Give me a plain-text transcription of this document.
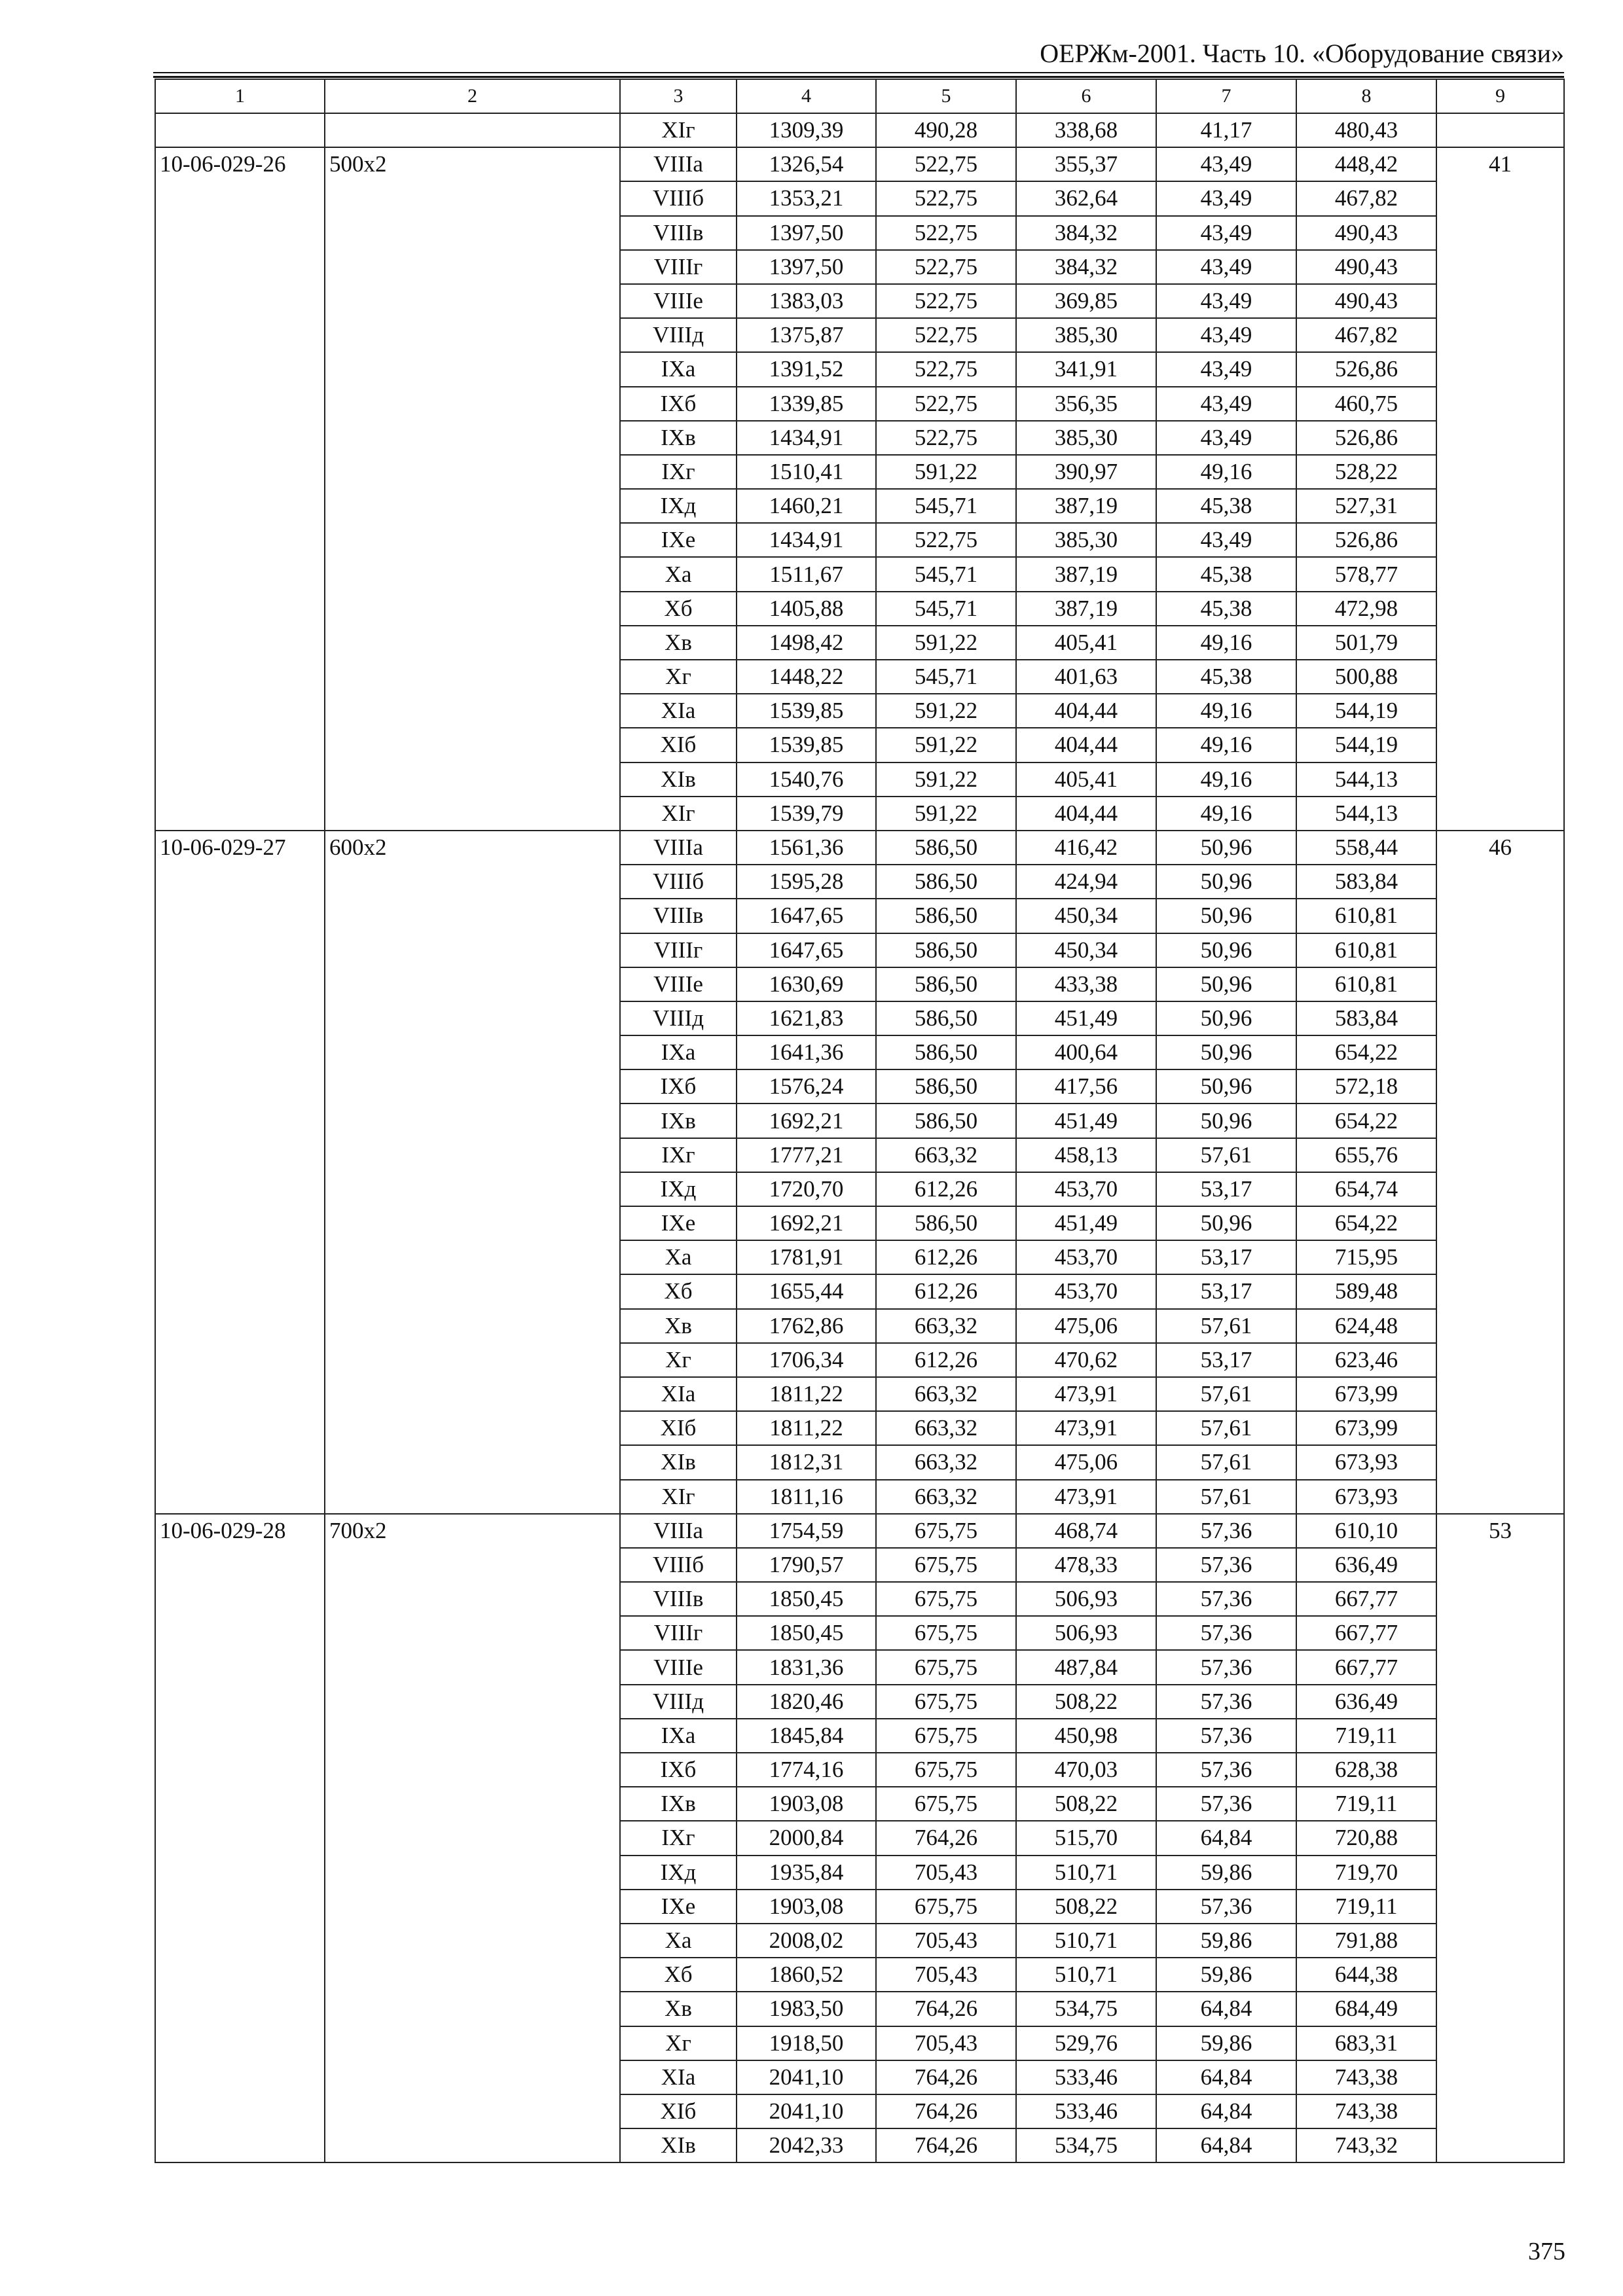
ОЕРЖм-2001. Часть 10. «Оборудование связи»
1	2	3	4	5	6	7	8	9
		XIг	1309,39	490,28	338,68	41,17	480,43	
10-06-029-26	500x2	VIIIа	1326,54	522,75	355,37	43,49	448,42	41
		VIIIб	1353,21	522,75	362,64	43,49	467,82	
		VIIIв	1397,50	522,75	384,32	43,49	490,43	
		VIIIг	1397,50	522,75	384,32	43,49	490,43	
		VIIIе	1383,03	522,75	369,85	43,49	490,43	
		VIIIд	1375,87	522,75	385,30	43,49	467,82	
		IXа	1391,52	522,75	341,91	43,49	526,86	
		IXб	1339,85	522,75	356,35	43,49	460,75	
		IXв	1434,91	522,75	385,30	43,49	526,86	
		IXг	1510,41	591,22	390,97	49,16	528,22	
		IXд	1460,21	545,71	387,19	45,38	527,31	
		IXе	1434,91	522,75	385,30	43,49	526,86	
		Xа	1511,67	545,71	387,19	45,38	578,77	
		Xб	1405,88	545,71	387,19	45,38	472,98	
		Xв	1498,42	591,22	405,41	49,16	501,79	
		Xг	1448,22	545,71	401,63	45,38	500,88	
		XIа	1539,85	591,22	404,44	49,16	544,19	
		XIб	1539,85	591,22	404,44	49,16	544,19	
		XIв	1540,76	591,22	405,41	49,16	544,13	
		XIг	1539,79	591,22	404,44	49,16	544,13	
10-06-029-27	600x2	VIIIа	1561,36	586,50	416,42	50,96	558,44	46
		VIIIб	1595,28	586,50	424,94	50,96	583,84	
		VIIIв	1647,65	586,50	450,34	50,96	610,81	
		VIIIг	1647,65	586,50	450,34	50,96	610,81	
		VIIIе	1630,69	586,50	433,38	50,96	610,81	
		VIIIд	1621,83	586,50	451,49	50,96	583,84	
		IXа	1641,36	586,50	400,64	50,96	654,22	
		IXб	1576,24	586,50	417,56	50,96	572,18	
		IXв	1692,21	586,50	451,49	50,96	654,22	
		IXг	1777,21	663,32	458,13	57,61	655,76	
		IXд	1720,70	612,26	453,70	53,17	654,74	
		IXе	1692,21	586,50	451,49	50,96	654,22	
		Xа	1781,91	612,26	453,70	53,17	715,95	
		Xб	1655,44	612,26	453,70	53,17	589,48	
		Xв	1762,86	663,32	475,06	57,61	624,48	
		Xг	1706,34	612,26	470,62	53,17	623,46	
		XIа	1811,22	663,32	473,91	57,61	673,99	
		XIб	1811,22	663,32	473,91	57,61	673,99	
		XIв	1812,31	663,32	475,06	57,61	673,93	
		XIг	1811,16	663,32	473,91	57,61	673,93	
10-06-029-28	700x2	VIIIа	1754,59	675,75	468,74	57,36	610,10	53
		VIIIб	1790,57	675,75	478,33	57,36	636,49	
		VIIIв	1850,45	675,75	506,93	57,36	667,77	
		VIIIг	1850,45	675,75	506,93	57,36	667,77	
		VIIIе	1831,36	675,75	487,84	57,36	667,77	
		VIIIд	1820,46	675,75	508,22	57,36	636,49	
		IXа	1845,84	675,75	450,98	57,36	719,11	
		IXб	1774,16	675,75	470,03	57,36	628,38	
		IXв	1903,08	675,75	508,22	57,36	719,11	
		IXг	2000,84	764,26	515,70	64,84	720,88	
		IXд	1935,84	705,43	510,71	59,86	719,70	
		IXе	1903,08	675,75	508,22	57,36	719,11	
		Xа	2008,02	705,43	510,71	59,86	791,88	
		Xб	1860,52	705,43	510,71	59,86	644,38	
		Xв	1983,50	764,26	534,75	64,84	684,49	
		Xг	1918,50	705,43	529,76	59,86	683,31	
		XIа	2041,10	764,26	533,46	64,84	743,38	
		XIб	2041,10	764,26	533,46	64,84	743,38	
		XIв	2042,33	764,26	534,75	64,84	743,32	
375
